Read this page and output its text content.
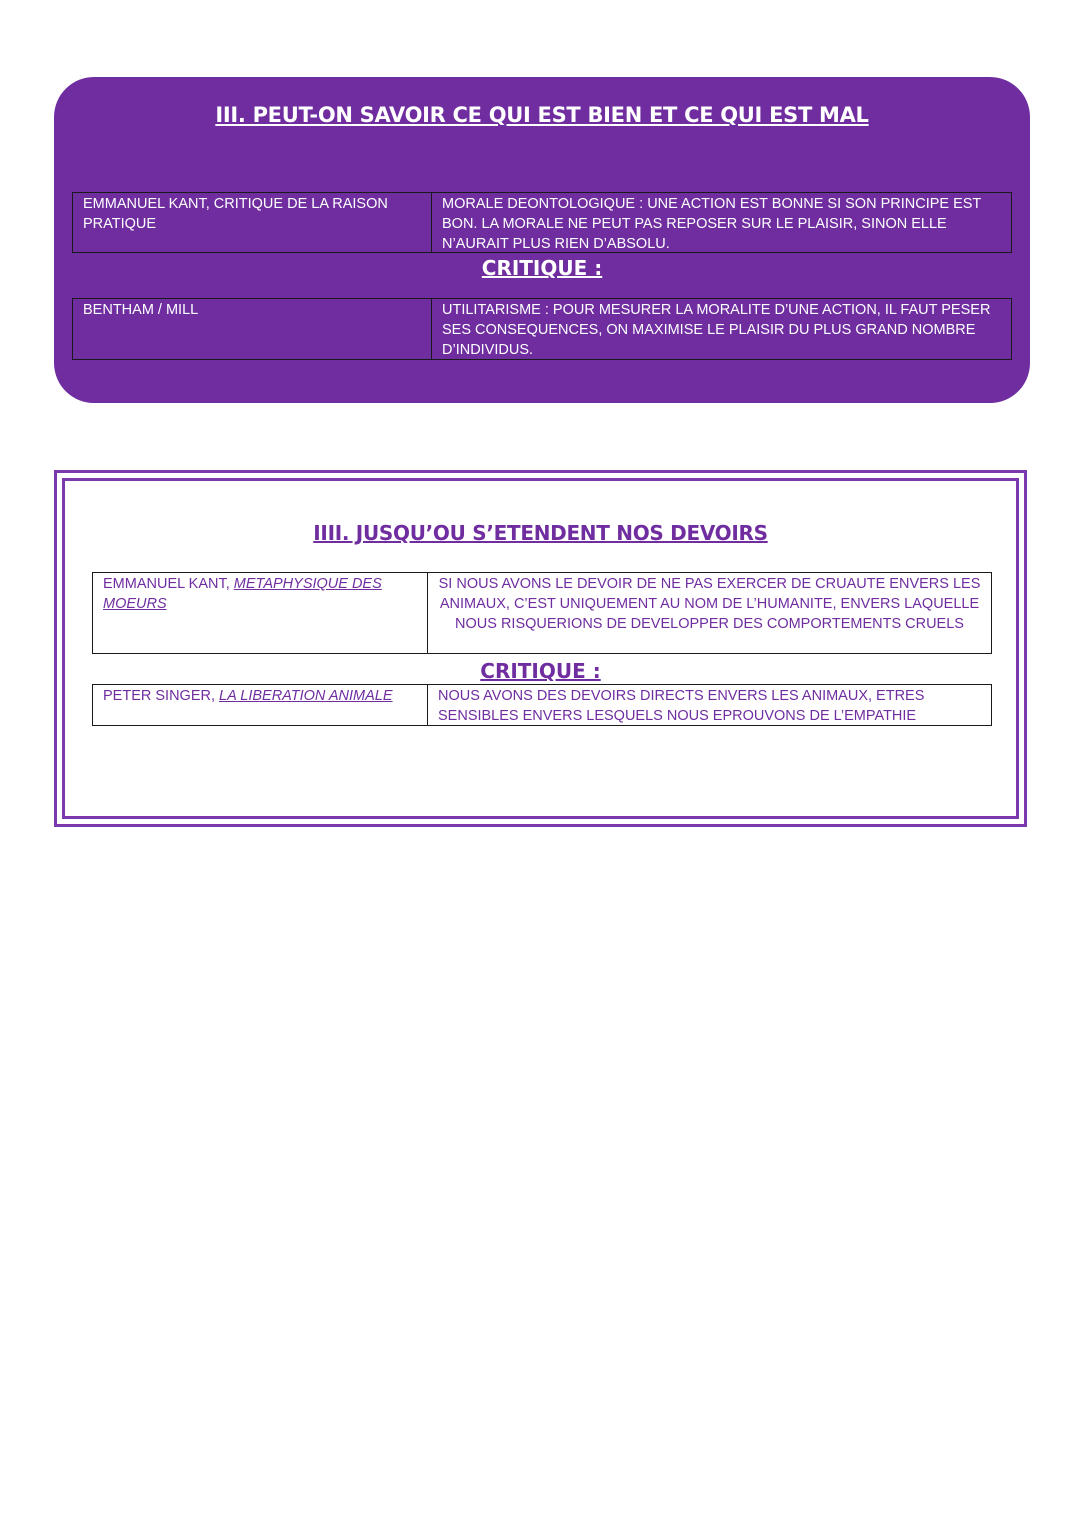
III. PEUT-ON SAVOIR CE QUI EST BIEN ET CE QUI EST MAL
EMMANUEL KANT, CRITIQUE DE LA RAISON PRATIQUE
MORALE DEONTOLOGIQUE : UNE ACTION EST BONNE SI SON PRINCIPE EST BON. LA MORALE NE PEUT PAS REPOSER SUR LE PLAISIR, SINON ELLE N’AURAIT PLUS RIEN D’ABSOLU.
CRITIQUE :
BENTHAM / MILL	UTILITARISME : POUR MESURER LA MORALITE D’UNE ACTION, IL FAUT PESER SES CONSEQUENCES, ON MAXIMISE LE PLAISIR DU PLUS GRAND NOMBRE D’INDIVIDUS.
IIII. JUSQU’OU S’ETENDENT NOS DEVOIRS
EMMANUEL KANT, METAPHYSIQUE DES MOEURS
SI NOUS AVONS LE DEVOIR DE NE PAS EXERCER DE CRUAUTE ENVERS LES ANIMAUX, C’EST UNIQUEMENT AU NOM DE L’HUMANITE, ENVERS LAQUELLE NOUS RISQUERIONS DE DEVELOPPER DES COMPORTEMENTS CRUELS
CRITIQUE :
PETER SINGER, LA LIBERATION ANIMALE	NOUS AVONS DES DEVOIRS DIRECTS ENVERS LES ANIMAUX, ETRES SENSIBLES ENVERS LESQUELS NOUS EPROUVONS DE L’EMPATHIE
